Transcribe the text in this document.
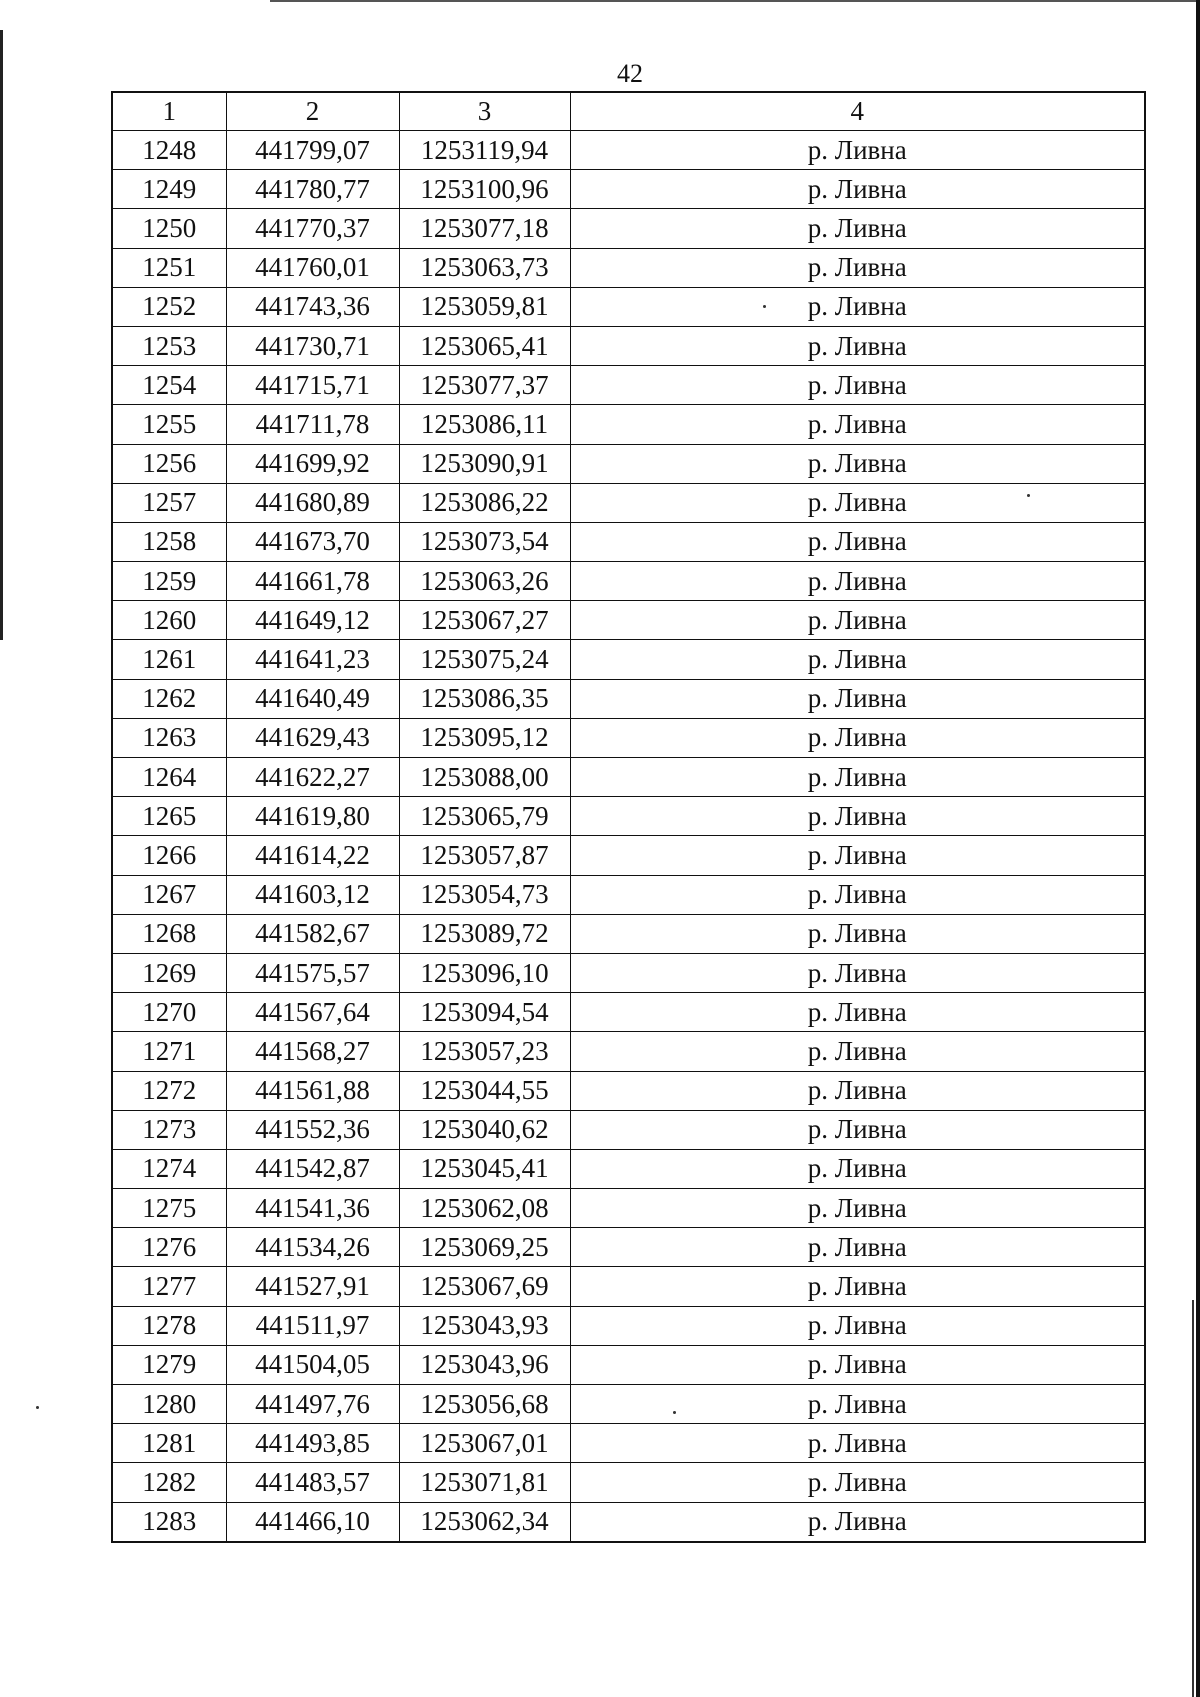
42
1	2	3	4
1248	441799,07	1253119,94	р. Ливна
1249	441780,77	1253100,96	р. Ливна
1250	441770,37	1253077,18	р. Ливна
1251	441760,01	1253063,73	р. Ливна
1252	441743,36	1253059,81	р. Ливна
1253	441730,71	1253065,41	р. Ливна
1254	441715,71	1253077,37	р. Ливна
1255	441711,78	1253086,11	р. Ливна
1256	441699,92	1253090,91	р. Ливна
1257	441680,89	1253086,22	р. Ливна
1258	441673,70	1253073,54	р. Ливна
1259	441661,78	1253063,26	р. Ливна
1260	441649,12	1253067,27	р. Ливна
1261	441641,23	1253075,24	р. Ливна
1262	441640,49	1253086,35	р. Ливна
1263	441629,43	1253095,12	р. Ливна
1264	441622,27	1253088,00	р. Ливна
1265	441619,80	1253065,79	р. Ливна
1266	441614,22	1253057,87	р. Ливна
1267	441603,12	1253054,73	р. Ливна
1268	441582,67	1253089,72	р. Ливна
1269	441575,57	1253096,10	р. Ливна
1270	441567,64	1253094,54	р. Ливна
1271	441568,27	1253057,23	р. Ливна
1272	441561,88	1253044,55	р. Ливна
1273	441552,36	1253040,62	р. Ливна
1274	441542,87	1253045,41	р. Ливна
1275	441541,36	1253062,08	р. Ливна
1276	441534,26	1253069,25	р. Ливна
1277	441527,91	1253067,69	р. Ливна
1278	441511,97	1253043,93	р. Ливна
1279	441504,05	1253043,96	р. Ливна
1280	441497,76	1253056,68	р. Ливна
1281	441493,85	1253067,01	р. Ливна
1282	441483,57	1253071,81	р. Ливна
1283	441466,10	1253062,34	р. Ливна
